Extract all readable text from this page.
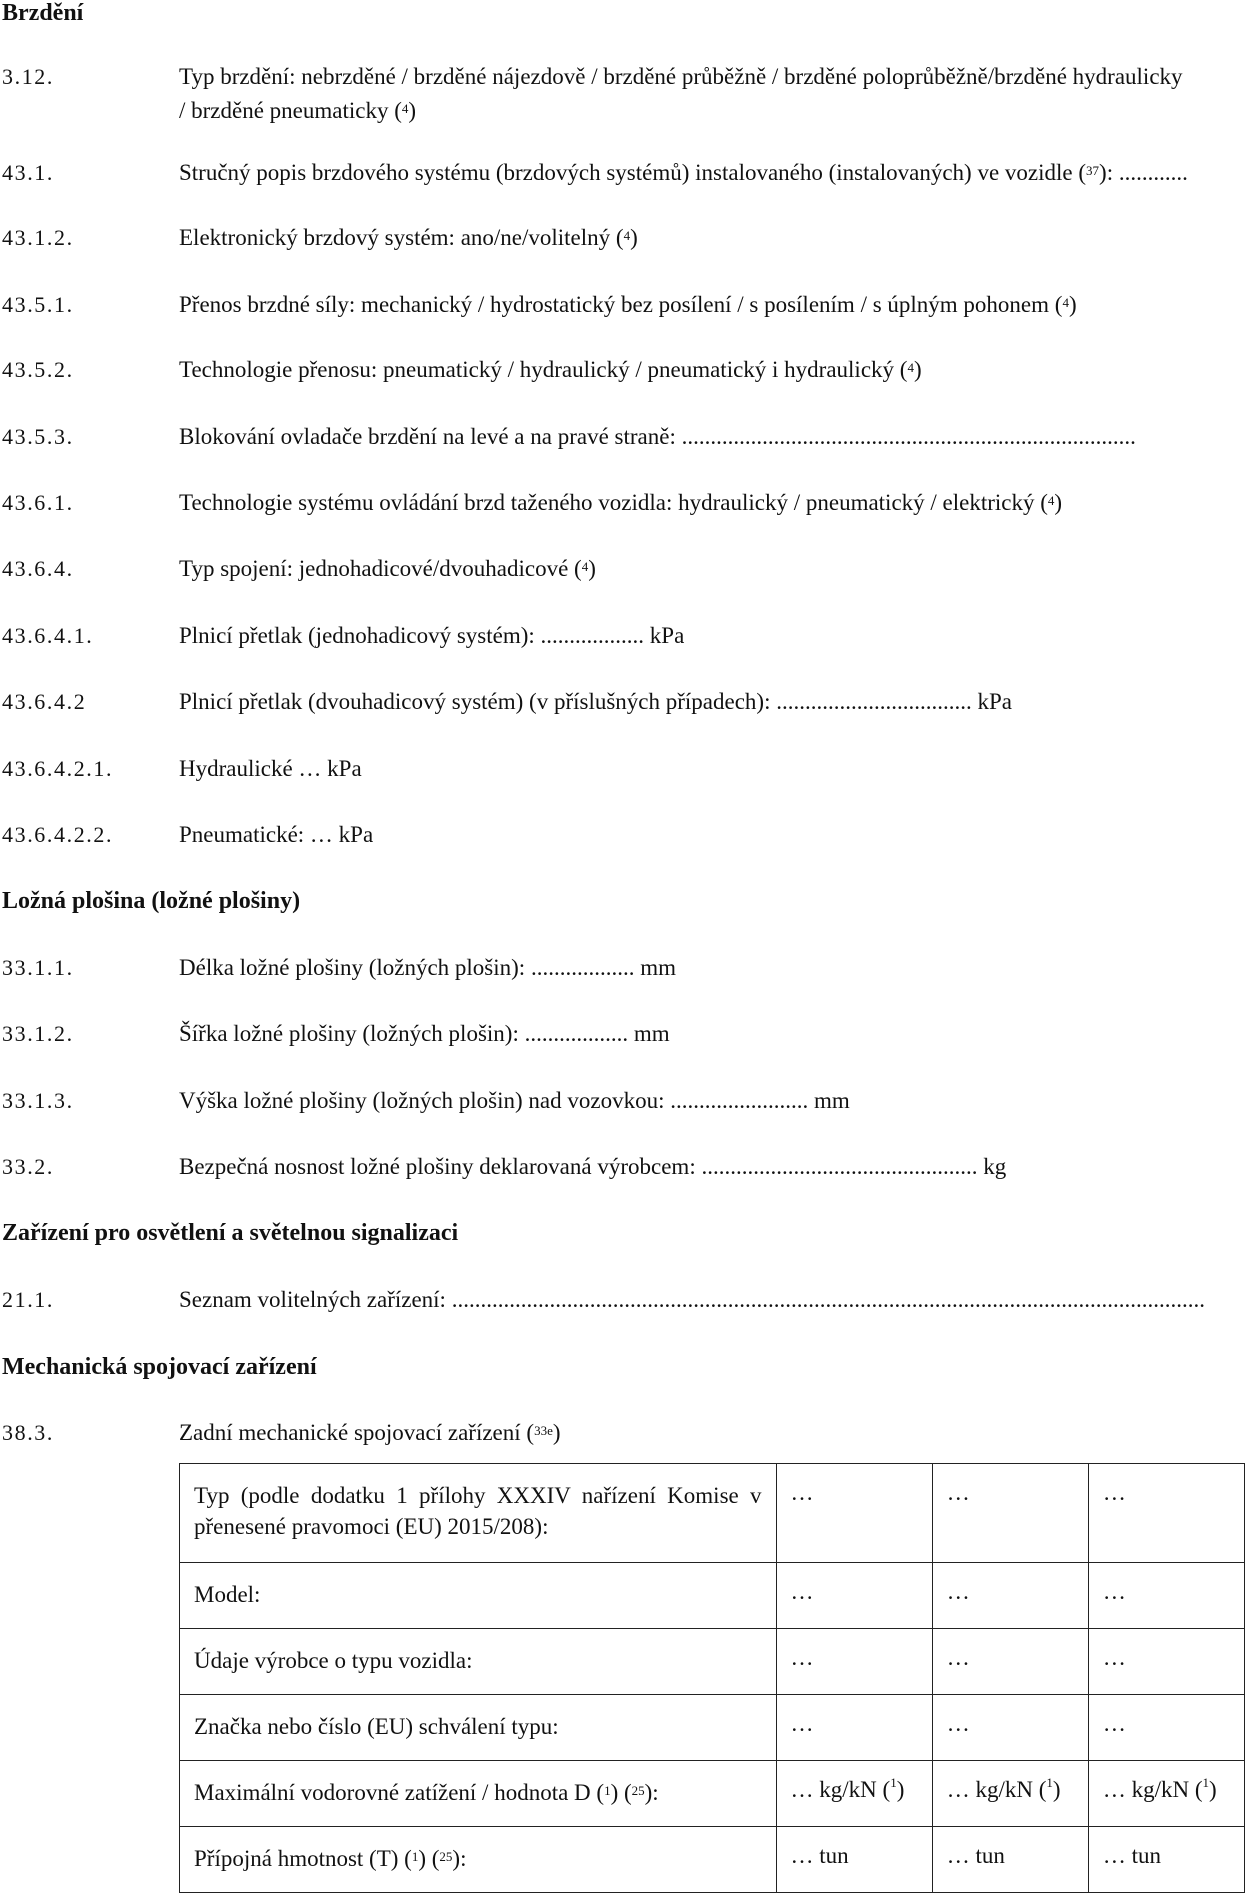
Brzdění
3.12.	Typ brzdění: nebrzděné / brzděné nájezdově / brzděné průběžně / brzděné poloprůběžně/brzděné hydraulicky
/ brzděné pneumaticky ($^4$)
43.1.	Stručný popis brzdového systému (brzdových systémů) instalovaného (instalovaných) ve vozidle ($^{37}$): ............
43.1.2.	Elektronický brzdový systém: ano/ne/volitelný ($^4$)
43.5.1.	Přenos brzdné síly: mechanický / hydrostatický bez posílení / s posílením / s úplným pohonem ($^4$)
43.5.2.	Technologie přenosu: pneumatický / hydraulický / pneumatický i hydraulický ($^4$)
43.5.3.	Blokování ovladače brzdění na levé a na pravé straně: ...............................................................................
43.6.1.	Technologie systému ovládání brzd taženého vozidla: hydraulický / pneumatický / elektrický ($^4$)
43.6.4.	Typ spojení: jednohadicové/dvouhadicové ($^4$)
43.6.4.1.	Plnicí přetlak (jednohadicový systém): .................. kPa
43.6.4.2	Plnicí přetlak (dvouhadicový systém) (v příslušných případech): .................................. kPa
43.6.4.2.1.	Hydraulické … kPa
43.6.4.2.2.	Pneumatické: … kPa
Ložná plošina (ložné plošiny)
33.1.1.	Délka ložné plošiny (ložných plošin): .................. mm
33.1.2.	Šířka ložné plošiny (ložných plošin): .................. mm
33.1.3.	Výška ložné plošiny (ložných plošin) nad vozovkou: ........................ mm
33.2.	Bezpečná nosnost ložné plošiny deklarovaná výrobcem: ................................................ kg
Zařízení pro osvětlení a světelnou signalizaci
21.1.	Seznam volitelných zařízení: ...................................................................................................................................
Mechanická spojovací zařízení
38.3.	Zadní mechanické spojovací zařízení ($^{33e}$)
Typ (podle dodatku 1 přílohy XXXIV nařízení Komise v přenesené pravomoci (EU) 2015/208):	…	…	…
Model:	…	…	…
Údaje výrobce o typu vozidla:	…	…	…
Značka nebo číslo (EU) schválení typu:	…	…	…
Maximální vodorovné zatížení / hodnota D ($^1$) ($^{25}$):	… kg/kN ($^1$)	… kg/kN ($^1$)	… kg/kN ($^1$)
Přípojná hmotnost (T) ($^1$) ($^{25}$):	… tun	… tun	… tun
